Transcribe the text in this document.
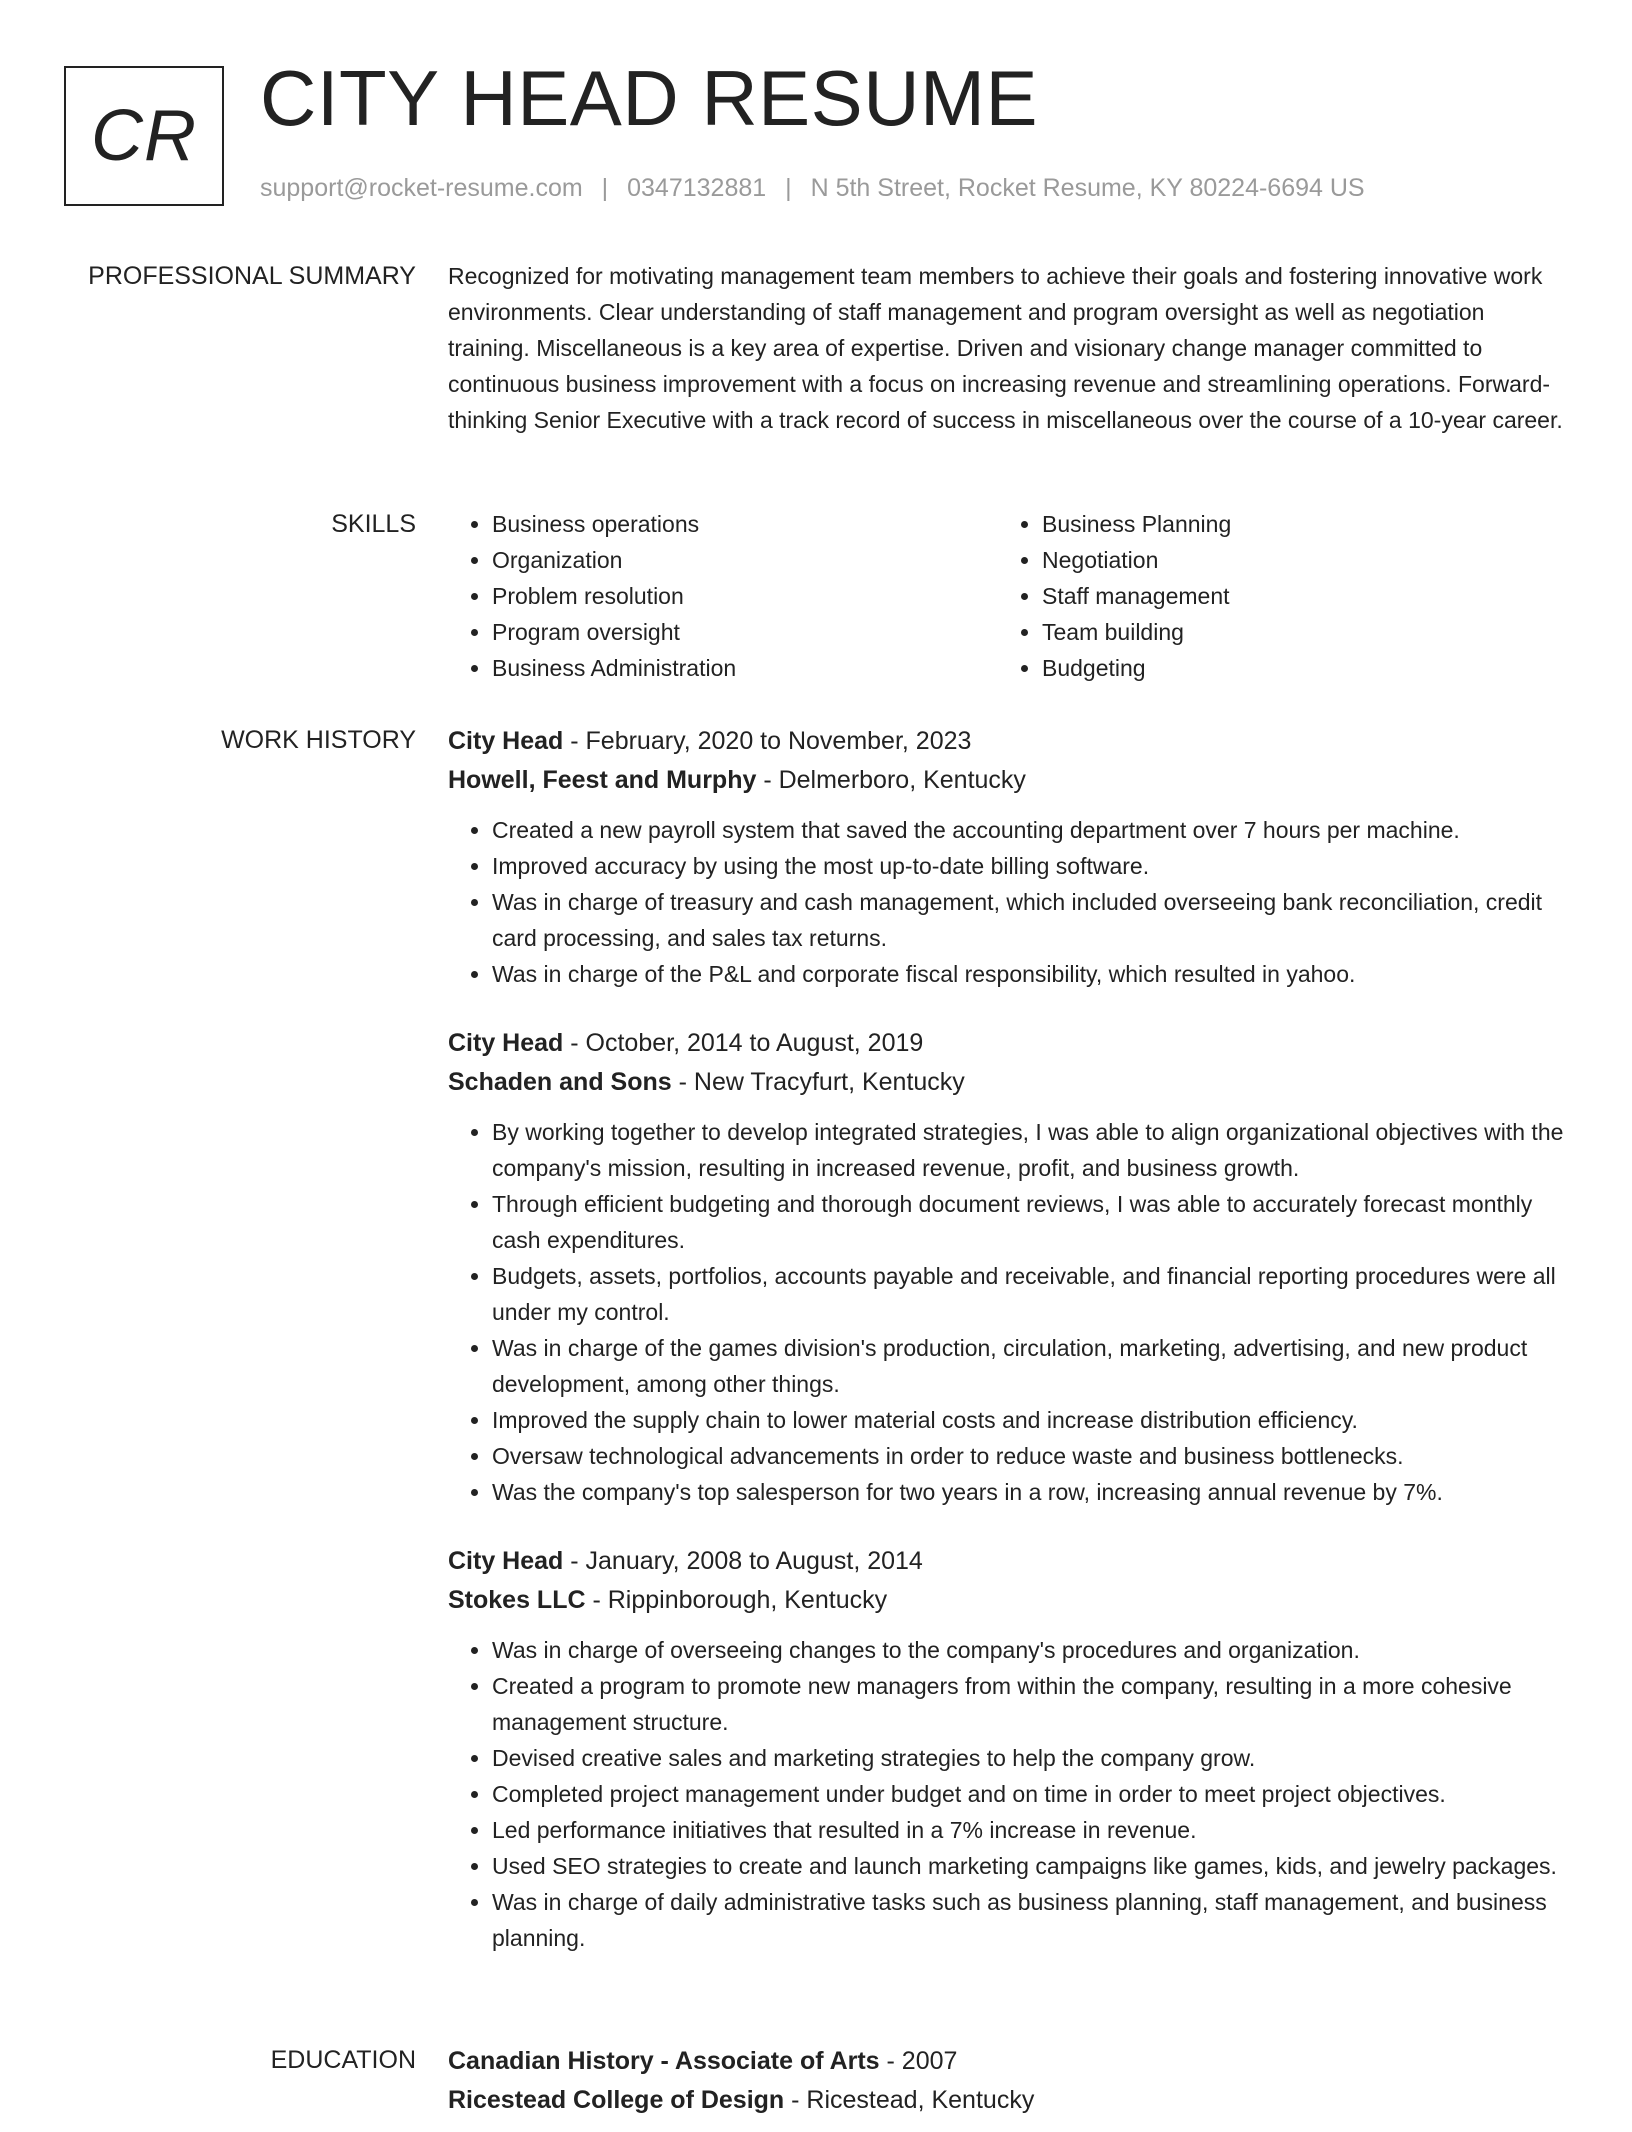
CR CITY HEAD RESUME
support@rocket-resume.com | 0347132881 | N 5th Street, Rocket Resume, KY 80224-6694 US
PROFESSIONAL SUMMARY Recognized for motivating management team members to achieve their goals and fostering innovative work environments. Clear understanding of staff management and program oversight as well as negotiation training. Miscellaneous is a key area of expertise. Driven and visionary change manager committed to continuous business improvement with a focus on increasing revenue and streamlining operations. Forward-thinking Senior Executive with a track record of success in miscellaneous over the course of a 10-year career.

SKILLS
•	Business operations
• Organization
• Problem resolution
• Program oversight
• Business Administration
• Business Planning
• Negotiation
• Staff management
• Team building
• Budgeting
WORK HISTORY City Head - February, 2020 to November, 2023
Howell, Feest and Murphy - Delmerboro, Kentucky
• Created a new payroll system that saved the accounting department over 7 hours per machine.
• Improved accuracy by using the most up-to-date billing software.
• Was in charge of treasury and cash management, which included overseeing bank reconciliation, credit card processing, and sales tax returns.
• Was in charge of the P&L and corporate fiscal responsibility, which resulted in yahoo.
City Head - October, 2014 to August, 2019
Schaden and Sons - New Tracyfurt, Kentucky
• By working together to develop integrated strategies, I was able to align organizational objectives with the company's mission, resulting in increased revenue, profit, and business growth.
• Through efficient budgeting and thorough document reviews, I was able to accurately forecast monthly cash expenditures.
• Budgets, assets, portfolios, accounts payable and receivable, and financial reporting procedures were all under my control.
• Was in charge of the games division's production, circulation, marketing, advertising, and new product development, among other things.
• Improved the supply chain to lower material costs and increase distribution efficiency.
• Oversaw technological advancements in order to reduce waste and business bottlenecks.
• Was the company's top salesperson for two years in a row, increasing annual revenue by 7%.
City Head - January, 2008 to August, 2014
Stokes LLC - Rippinborough, Kentucky
• Was in charge of overseeing changes to the company's procedures and organization.
• Created a program to promote new managers from within the company, resulting in a more cohesive management structure.
• Devised creative sales and marketing strategies to help the company grow.
• Completed project management under budget and on time in order to meet project objectives.
• Led performance initiatives that resulted in a 7% increase in revenue.
• Used SEO strategies to create and launch marketing campaigns like games, kids, and jewelry packages.
• Was in charge of daily administrative tasks such as business planning, staff management, and business planning.
EDUCATION Canadian History - Associate of Arts - 2007
Ricestead College of Design - Ricestead, Kentucky
